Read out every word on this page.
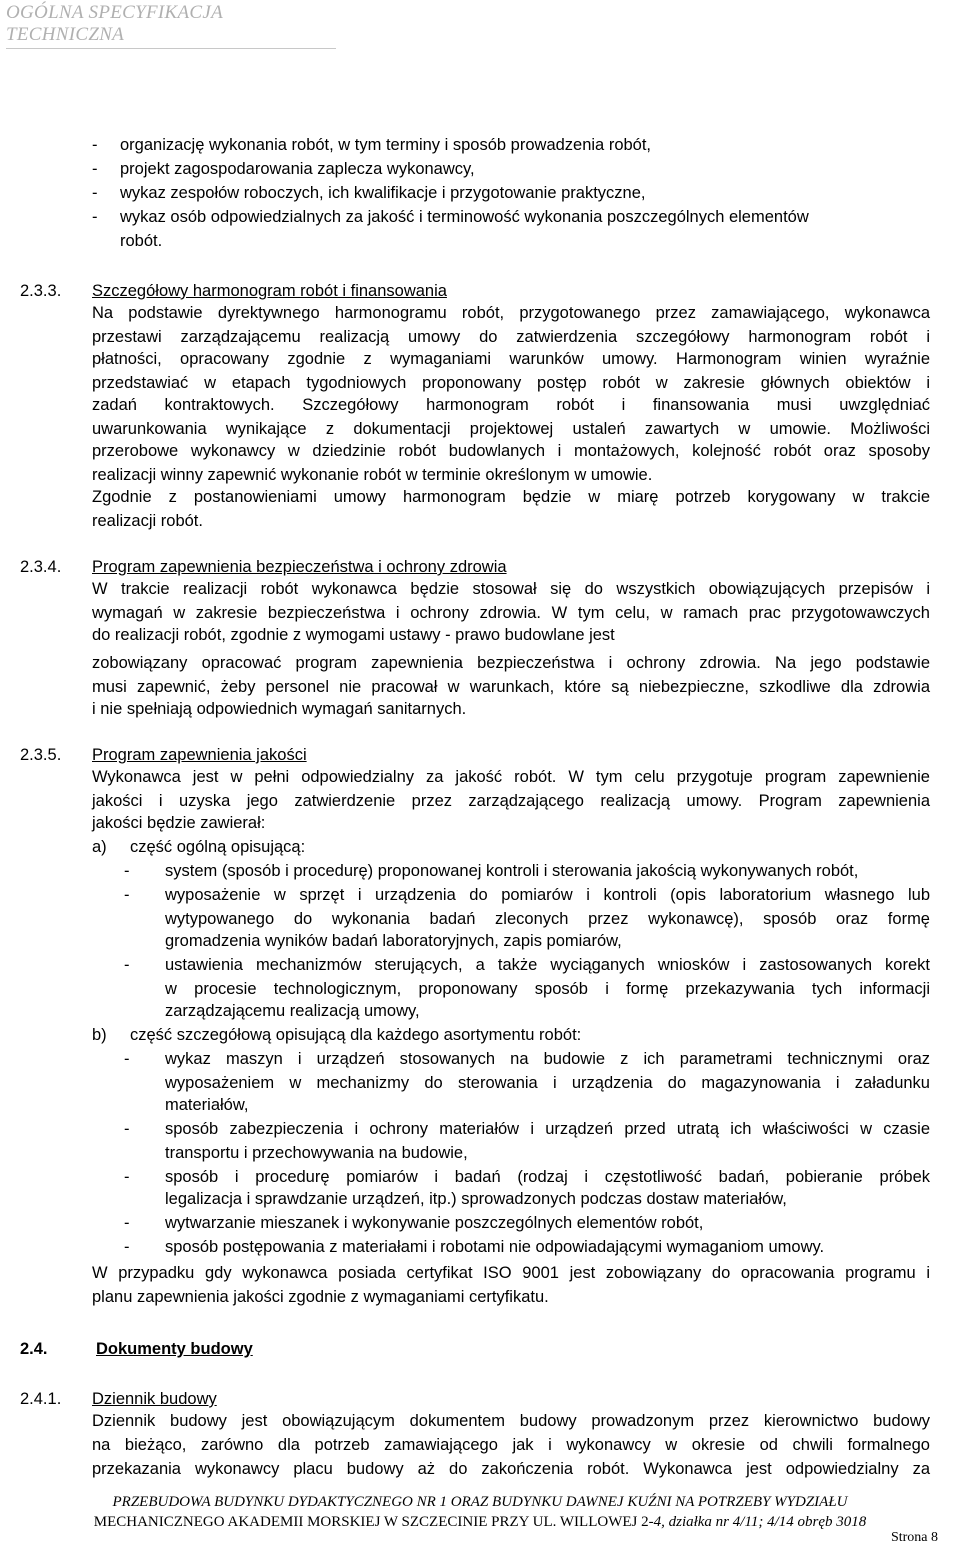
OGÓLNA SPECYFIKACJA TECHNICZNA
- organizację wykonania robót, w tym terminy i sposób prowadzenia robót,
- projekt zagospodarowania zaplecza wykonawcy,
- wykaz zespołów roboczych, ich kwalifikacje i przygotowanie praktyczne,
- wykaz osób odpowiedzialnych za jakość i terminowość wykonania poszczególnych elementów
robót.
2.3.3. Szczegółowy harmonogram robót i finansowania
Na podstawie dyrektywnego harmonogramu robót, przygotowanego przez zamawiającego, wykonawca
przestawi zarządzającemu realizacją umowy do zatwierdzenia szczegółowy harmonogram robót i
płatności, opracowany zgodnie z wymaganiami warunków umowy. Harmonogram winien wyraźnie
przedstawiać w etapach tygodniowych proponowany postęp robót w zakresie głównych obiektów i
zadań kontraktowych. Szczegółowy harmonogram robót i finansowania musi uwzględniać
uwarunkowania wynikające z dokumentacji projektowej ustaleń zawartych w umowie. Możliwości
przerobowe wykonawcy w dziedzinie robót budowlanych i montażowych, kolejność robót oraz sposoby
realizacji winny zapewnić wykonanie robót w terminie określonym w umowie.
Zgodnie z postanowieniami umowy harmonogram będzie w miarę potrzeb korygowany w trakcie
realizacji robót.
2.3.4. Program zapewnienia bezpieczeństwa i ochrony zdrowia
W trakcie realizacji robót wykonawca będzie stosował się do wszystkich obowiązujących przepisów i
wymagań w zakresie bezpieczeństwa i ochrony zdrowia. W tym celu, w ramach prac przygotowawczych
do realizacji robót, zgodnie z wymogami ustawy - prawo budowlane jest
zobowiązany opracować program zapewnienia bezpieczeństwa i ochrony zdrowia. Na jego podstawie
musi zapewnić, żeby personel nie pracował w warunkach, które są niebezpieczne, szkodliwe dla zdrowia
i nie spełniają odpowiednich wymagań sanitarnych.
2.3.5. Program zapewnienia jakości
Wykonawca jest w pełni odpowiedzialny za jakość robót. W tym celu przygotuje program zapewnienie
jakości i uzyska jego zatwierdzenie przez zarządzającego realizacją umowy. Program zapewnienia
jakości będzie zawierał:
a) część ogólną opisującą:
- system (sposób i procedurę) proponowanej kontroli i sterowania jakością wykonywanych robót,
- wyposażenie w sprzęt i urządzenia do pomiarów i kontroli (opis laboratorium własnego lub
wytypowanego do wykonania badań zleconych przez wykonawcę), sposób oraz formę
gromadzenia wyników badań laboratoryjnych, zapis pomiarów,
- ustawienia mechanizmów sterujących, a także wyciąganych wniosków i zastosowanych korekt
w procesie technologicznym, proponowany sposób i formę przekazywania tych informacji
zarządzającemu realizacją umowy,
b) część szczegółową opisującą dla każdego asortymentu robót:
- wykaz maszyn i urządzeń stosowanych na budowie z ich parametrami technicznymi oraz
wyposażeniem w mechanizmy do sterowania i urządzenia do magazynowania i załadunku
materiałów,
- sposób zabezpieczenia i ochrony materiałów i urządzeń przed utratą ich właściwości w czasie
transportu i przechowywania na budowie,
- sposób i procedurę pomiarów i badań (rodzaj i częstotliwość badań, pobieranie próbek
legalizacja i sprawdzanie urządzeń, itp.) sprowadzonych podczas dostaw materiałów,
- wytwarzanie mieszanek i wykonywanie poszczególnych elementów robót,
- sposób postępowania z materiałami i robotami nie odpowiadającymi wymaganiom umowy.
W przypadku gdy wykonawca posiada certyfikat ISO 9001 jest zobowiązany do opracowania programu i
planu zapewnienia jakości zgodnie z wymaganiami certyfikatu.
2.4.	Dokumenty budowy
2.4.1. Dziennik budowy
Dziennik budowy jest obowiązującym dokumentem budowy prowadzonym przez kierownictwo budowy
na bieżąco, zarówno dla potrzeb zamawiającego jak i wykonawcy w okresie od chwili formalnego
przekazania wykonawcy placu budowy aż do zakończenia robót. Wykonawca jest odpowiedzialny za
PRZEBUDOWA BUDYNKU DYDAKTYCZNEGO NR 1 ORAZ BUDYNKU DAWNEJ KUŹNI NA POTRZEBY WYDZIAŁU
MECHANICZNEGO AKADEMII MORSKIEJ W SZCZECINIE PRZY UL. WILLOWEJ 2-4, działka nr 4/11; 4/14 obręb 3018
Strona 8
